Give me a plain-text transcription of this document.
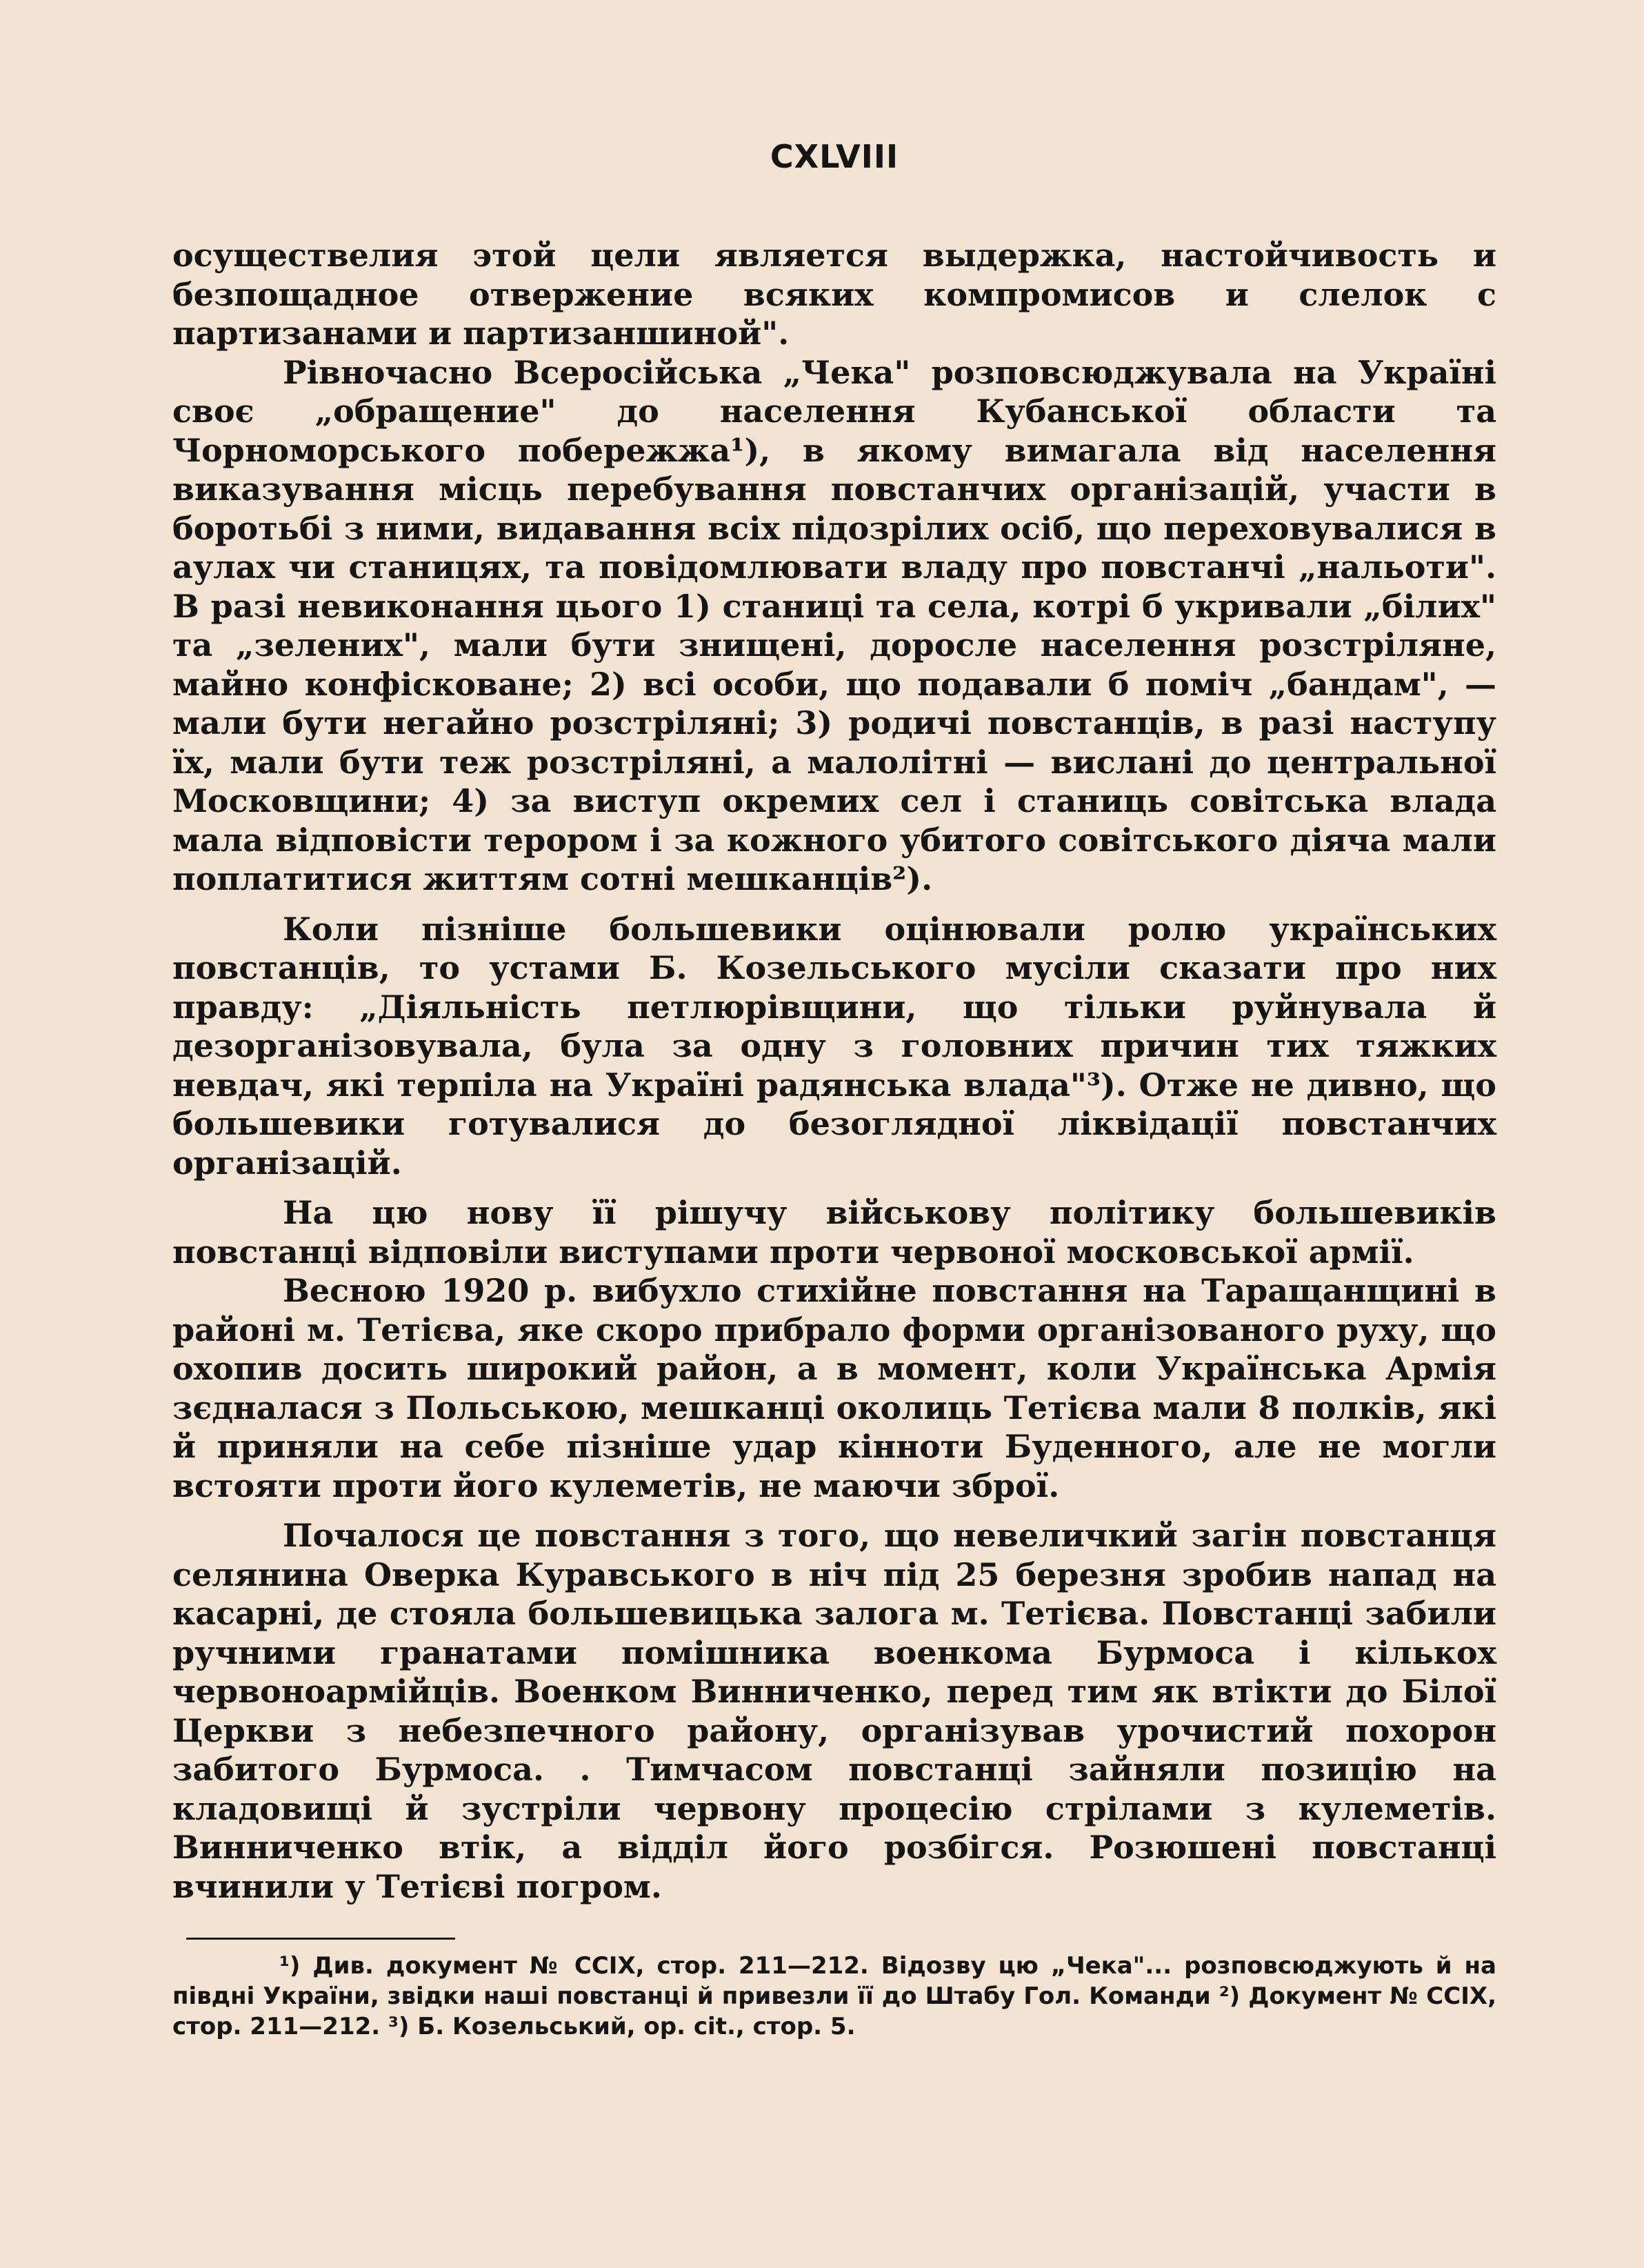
CXLVIII

осуществелия этой цели является выдержка, настойчивость и безпощадное отвержение всяких компромисов и слелок с партизанами и партизаншиной".

Рівночасно Всеросійська „Чека" розповсюджувала на Україні своє „обращение" до населення Кубанської области та Чорноморського побережжа¹), в якому вимагала від населення виказування місць перебування повстанчих організацій, участи в боротьбі з ними, видавання всіх підозрілих осіб, що переховувалися в аулах чи станицях, та повідомлювати владу про повстанчі „нальоти". В разі невиконання цього 1) станиці та села, котрі б укривали „білих" та „зелених", мали бути знищені, доросле населення розстріляне, майно конфісковане; 2) всі особи, що подавали б поміч „бандам", — мали бути негайно розстріляні; 3) родичі повстанців, в разі наступу їх, мали бути теж розстріляні, а малолітні — вислані до центральної Московщини; 4) за виступ окремих сел і станиць совітська влада мала відповісти терором і за кожного убитого совітського діяча мали поплатитися життям сотні мешканців²).

Коли пізніше большевики оцінювали ролю українських повстанців, то устами Б. Козельського мусіли сказати про них правду: „Діяльність петлюрівщини, що тільки руйнувала й дезорганізовувала, була за одну з головних причин тих тяжких невдач, які терпіла на Україні радянська влада"³). Отже не дивно, що большевики готувалися до безоглядної ліквідації повстанчих організацій.

На цю нову її рішучу військову політику большевиків повстанці відповіли виступами проти червоної московської армії.

Весною 1920 р. вибухло стихійне повстання на Таращанщині в районі м. Тетієва, яке скоро прибрало форми організованого руху, що охопив досить широкий район, а в момент, коли Українська Армія зєдналася з Польською, мешканці околиць Тетієва мали 8 полків, які й приняли на себе пізніше удар кінноти Буденного, але не могли встояти проти його кулеметів, не маючи зброї.

Почалося це повстання з того, що невеличкий загін повстанця селянина Оверка Куравського в ніч під 25 березня зробив напад на касарні, де стояла большевицька залога м. Тетієва. Повстанці забили ручними гранатами помішника военкома Бурмоса і кількох червоноармійців. Военком Винниченко, перед тим як втікти до Білої Церкви з небезпечного району, організував урочистий похорон забитого Бурмоса. . Тимчасом повстанці зайняли позицію на кладовищі й зустріли червону процесію стрілами з кулеметів. Винниченко втік, а відділ його розбігся. Розюшені повстанці вчинили у Тетієві погром.

¹) Див. документ № CCIX, стор. 211—212. Відозву цю „Чека"... розповсюджують й на півдні України, звідки наші повстанці й привезли її до Штабу Гол. Команди ²) Документ № CCIX, стор. 211—212. ³) Б. Козельський, op. cit., стор. 5.
